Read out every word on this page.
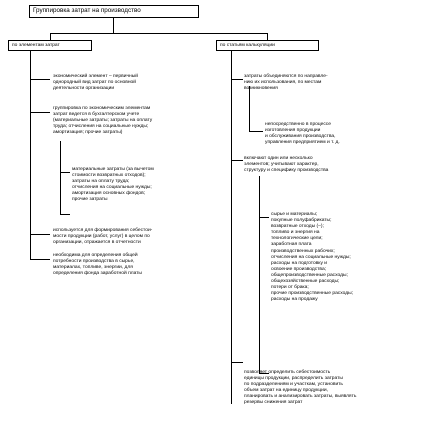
Группировка затрат на производство
по элементам затрат	по статьям калькуляции
экономический элемент – первичный
однородный вид затрат по основной
деятельности организации
группировка по экономическим элементам
затрат ведется в бухгалтерском учете
(материальные затраты; затраты на оплату
труда; отчисления на социальные нужды;
амортизация; прочие затраты)
материальные затраты (за вычетом
стоимости возвратных отходов);
затраты на оплату труда;
отчисления на социальные нужды;
амортизация основных фондов;
прочие затраты
используется для формирования себестои-
мости продукции (работ, услуг) в целом по
организации, отражается в отчетности
необходима для определения общей
потребности производства в сырье,
материалах, топливе, энергии, для
определения фонда заработной платы
затраты объединяются по направле-
нию их использования, по местам
возникновения
непосредственно в процессе
изготовления продукции
и обслуживания производства,
управления предприятием и т. д.
включают один или несколько
элементов; учитывают характер,
структуру и специфику производства
сырье и материалы;
покупные полуфабрикаты;
возвратные отходы (–);
топливо и энергия на
технологические цели;
заработная плата
производственных рабочих;
отчисления на социальные нужды;
расходы на подготовку и
освоение производства;
общепроизводственные расходы;
общехозяйственные расходы;
потери от брака;
прочие производственные расходы;
расходы на продажу
позволяет определить себестоимость
единицы продукции, распределить затраты
по подразделениям и участкам, установить
объем затрат на единицу продукции,
планировать и анализировать затраты, выявлять
резервы снижения затрат
